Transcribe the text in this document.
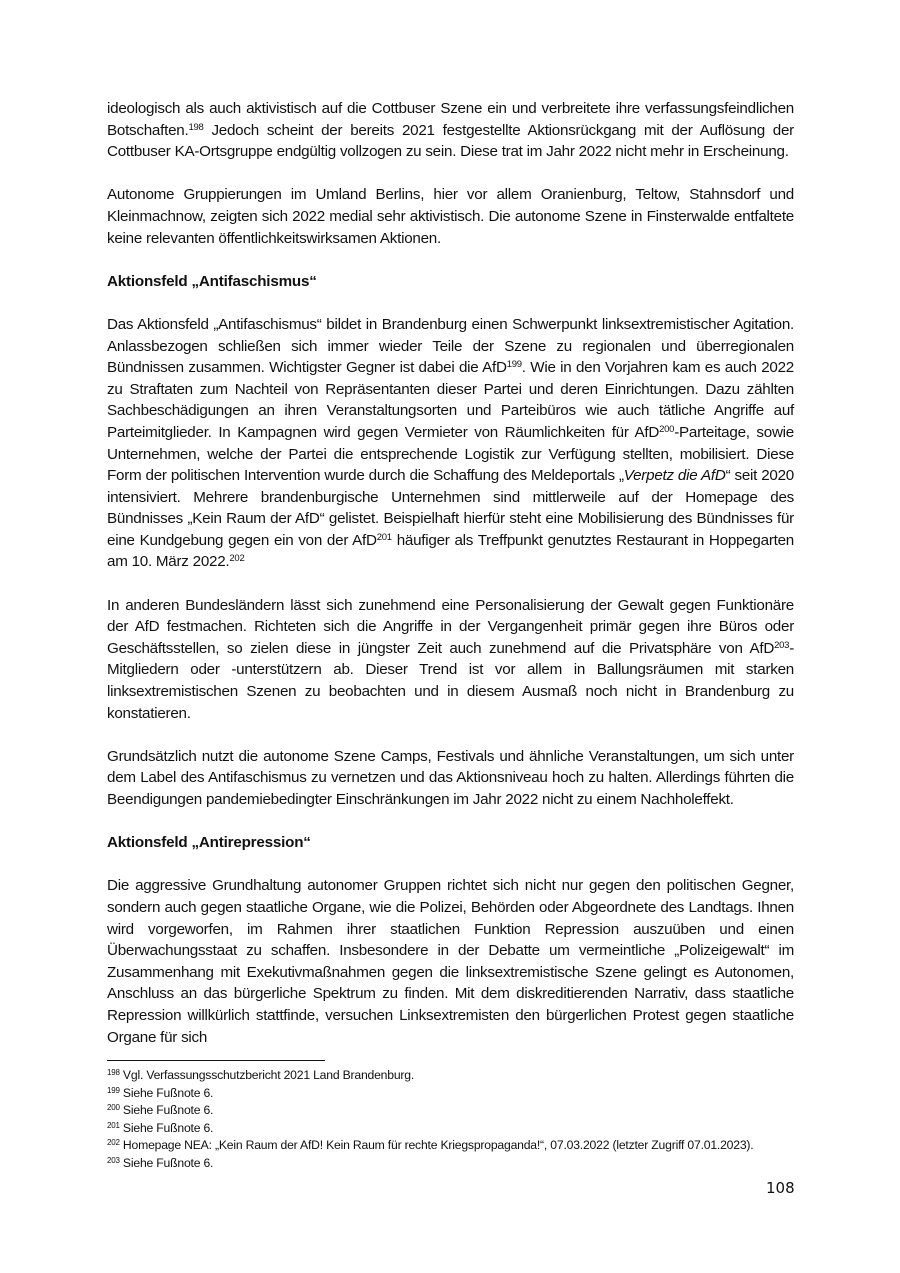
ideologisch als auch aktivistisch auf die Cottbuser Szene ein und verbreitete ihre verfassungsfeindlichen Botschaften.$^{198}$ Jedoch scheint der bereits 2021 festgestellte Aktionsrückgang mit der Auflösung der Cottbuser KA-Ortsgruppe endgültig vollzogen zu sein. Diese trat im Jahr 2022 nicht mehr in Erscheinung.

Autonome Gruppierungen im Umland Berlins, hier vor allem Oranienburg, Teltow, Stahnsdorf und Kleinmachnow, zeigten sich 2022 medial sehr aktivistisch. Die autonome Szene in Finsterwalde entfaltete keine relevanten öffentlichkeitswirksamen Aktionen.

Aktionsfeld „Antifaschismus“

Das Aktionsfeld „Antifaschismus“ bildet in Brandenburg einen Schwerpunkt linksextremistischer Agitation. Anlassbezogen schließen sich immer wieder Teile der Szene zu regionalen und überregionalen Bündnissen zusammen. Wichtigster Gegner ist dabei die AfD$^{199}$. Wie in den Vorjahren kam es auch 2022 zu Straftaten zum Nachteil von Repräsentanten dieser Partei und deren Einrichtungen. Dazu zählten Sachbeschädigungen an ihren Veranstaltungsorten und Parteibüros wie auch tätliche Angriffe auf Parteimitglieder. In Kampagnen wird gegen Vermieter von Räumlichkeiten für AfD$^{200}$-Parteitage, sowie Unternehmen, welche der Partei die entsprechende Logistik zur Verfügung stellten, mobilisiert. Diese Form der politischen Intervention wurde durch die Schaffung des Meldeportals „Verpetz die AfD“ seit 2020 intensiviert. Mehrere brandenburgische Unternehmen sind mittlerweile auf der Homepage des Bündnisses „Kein Raum der AfD“ gelistet. Beispielhaft hierfür steht eine Mobilisierung des Bündnisses für eine Kundgebung gegen ein von der AfD$^{201}$ häufiger als Treffpunkt genutztes Restaurant in Hoppegarten am 10. März 2022.$^{202}$

In anderen Bundesländern lässt sich zunehmend eine Personalisierung der Gewalt gegen Funktionäre der AfD festmachen. Richteten sich die Angriffe in der Vergangenheit primär gegen ihre Büros oder Geschäftsstellen, so zielen diese in jüngster Zeit auch zunehmend auf die Privatsphäre von AfD$^{203}$-Mitgliedern oder -unterstützern ab. Dieser Trend ist vor allem in Ballungsräumen mit starken linksextremistischen Szenen zu beobachten und in diesem Ausmaß noch nicht in Brandenburg zu konstatieren.

Grundsätzlich nutzt die autonome Szene Camps, Festivals und ähnliche Veranstaltungen, um sich unter dem Label des Antifaschismus zu vernetzen und das Aktionsniveau hoch zu halten. Allerdings führten die Beendigungen pandemiebedingter Einschränkungen im Jahr 2022 nicht zu einem Nachholeffekt.

Aktionsfeld „Antirepression“

Die aggressive Grundhaltung autonomer Gruppen richtet sich nicht nur gegen den politischen Gegner, sondern auch gegen staatliche Organe, wie die Polizei, Behörden oder Abgeordnete des Landtags. Ihnen wird vorgeworfen, im Rahmen ihrer staatlichen Funktion Repression auszuüben und einen Überwachungsstaat zu schaffen. Insbesondere in der Debatte um vermeintliche „Polizeigewalt“ im Zusammenhang mit Exekutivmaßnahmen gegen die linksextremistische Szene gelingt es Autonomen, Anschluss an das bürgerliche Spektrum zu finden. Mit dem diskreditierenden Narrativ, dass staatliche Repression willkürlich stattfinde, versuchen Linksextremisten den bürgerlichen Protest gegen staatliche Organe für sich

$^{198}$ Vgl. Verfassungsschutzbericht 2021 Land Brandenburg.
$^{199}$ Siehe Fußnote 6.
$^{200}$ Siehe Fußnote 6.
$^{201}$ Siehe Fußnote 6.
$^{202}$ Homepage NEA: „Kein Raum der AfD! Kein Raum für rechte Kriegspropaganda!“, 07.03.2022 (letzter Zugriff 07.01.2023).
$^{203}$ Siehe Fußnote 6.
108
